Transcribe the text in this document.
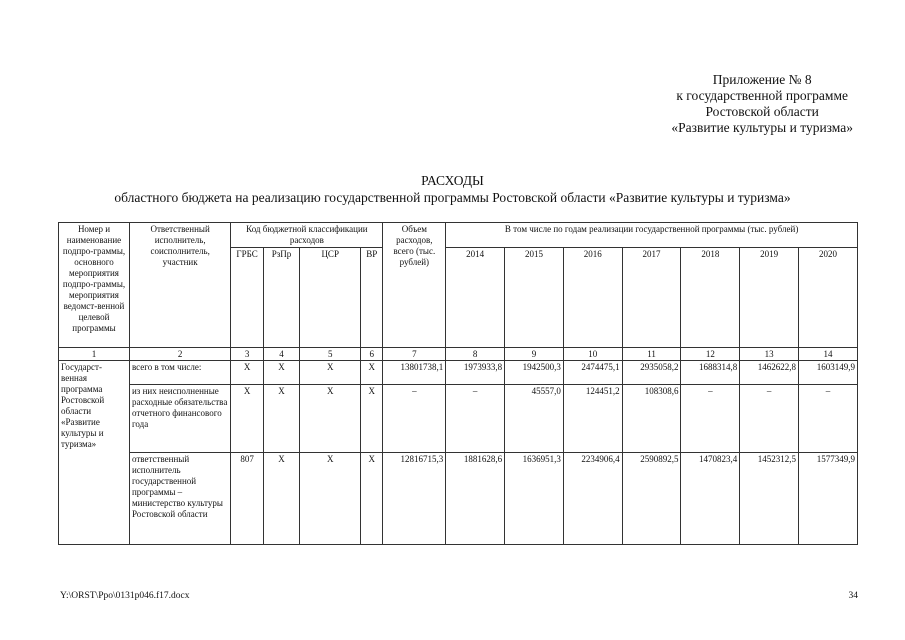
Приложение № 8
к государственной программе
Ростовской области
«Развитие культуры и туризма»
РАСХОДЫ
областного бюджета на реализацию государственной программы Ростовской области «Развитие культуры и туризма»
Номер и наименование подпро-граммы, основного мероприятия подпро-граммы, мероприятия ведомст-венной целевой программы	Ответственный исполнитель, соисполнитель, участник	Код бюджетной классификации расходов				Объем расходов, всего (тыс. рублей)	В том числе по годам реализации государственной программы (тыс. рублей)						
		ГРБС	РзПр	ЦСР	ВР		2014	2015	2016	2017	2018	2019	2020

1	2	3	4	5	6	7	8	9	10	11	12	13	14
Государст-венная программа Ростовской области «Развитие культуры и туризма»	всего в том числе:	Х	Х	Х	Х	13801738,1	1973933,8	1942500,3	2474475,1	2935058,2	1688314,8	1462622,8	1603149,9
	из них неисполненные расходные обязательства отчетного финансового года	Х	Х	Х	Х	–	–	45557,0	124451,2	108308,6	–	–	–
	ответственный исполнитель государственной программы – министерство культуры Ростовской области	807	Х	Х	Х	12816715,3	1881628,6	1636951,3	2234906,4	2590892,5	1470823,4	1452312,5	1577349,9
Y:\ORST\Ppo\0131p046.f17.docx	34
